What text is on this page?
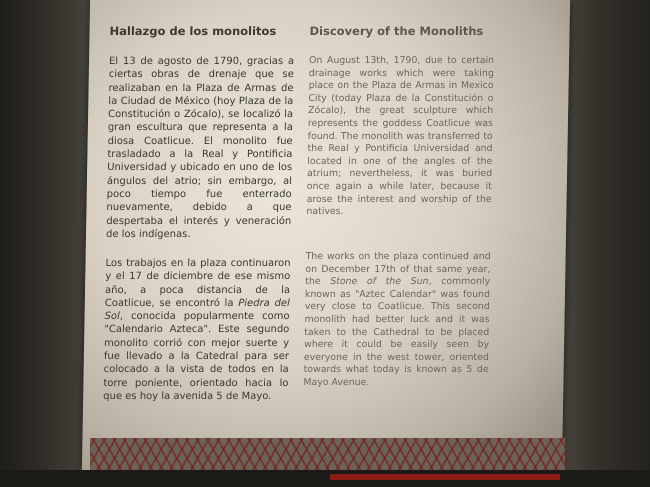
Hallazgo de los monolitos

El 13 de agosto de 1790, gracias a ciertas obras de drenaje que se realizaban en la Plaza de Armas de la Ciudad de México (hoy Plaza de la Constitución o Zócalo), se localizó la gran escultura que representa a la diosa Coatlicue. El monolito fue trasladado a la Real y Pontificia Universidad y ubicado en uno de los ángulos del atrio; sin embargo, al poco tiempo fue enterrado nuevamente, debido a que despertaba el interés y veneración de los indígenas.

Los trabajos en la plaza continuaron y el 17 de diciembre de ese mismo año, a poca distancia de la Coatlicue, se encontró la Piedra del Sol, conocida popularmente como "Calendario Azteca". Este segundo monolito corrió con mejor suerte y fue llevado a la Catedral para ser colocado a la vista de todos en la torre poniente, orientado hacia lo que es hoy la avenida 5 de Mayo.

Discovery of the Monoliths

On August 13th, 1790, due to certain drainage works which were taking place on the Plaza de Armas in Mexico City (today Plaza de la Constitución o Zócalo), the great sculpture which represents the goddess Coatlicue was found. The monolith was transferred to the Real y Pontificia Universidad and located in one of the angles of the atrium; nevertheless, it was buried once again a while later, because it arose the interest and worship of the natives.

The works on the plaza continued and on December 17th of that same year, the Stone of the Sun, commonly known as "Aztec Calendar" was found very close to Coatlicue. This second monolith had better luck and it was taken to the Cathedral to be placed where it could be easily seen by everyone in the west tower, oriented towards what today is known as 5 de Mayo Avenue.
